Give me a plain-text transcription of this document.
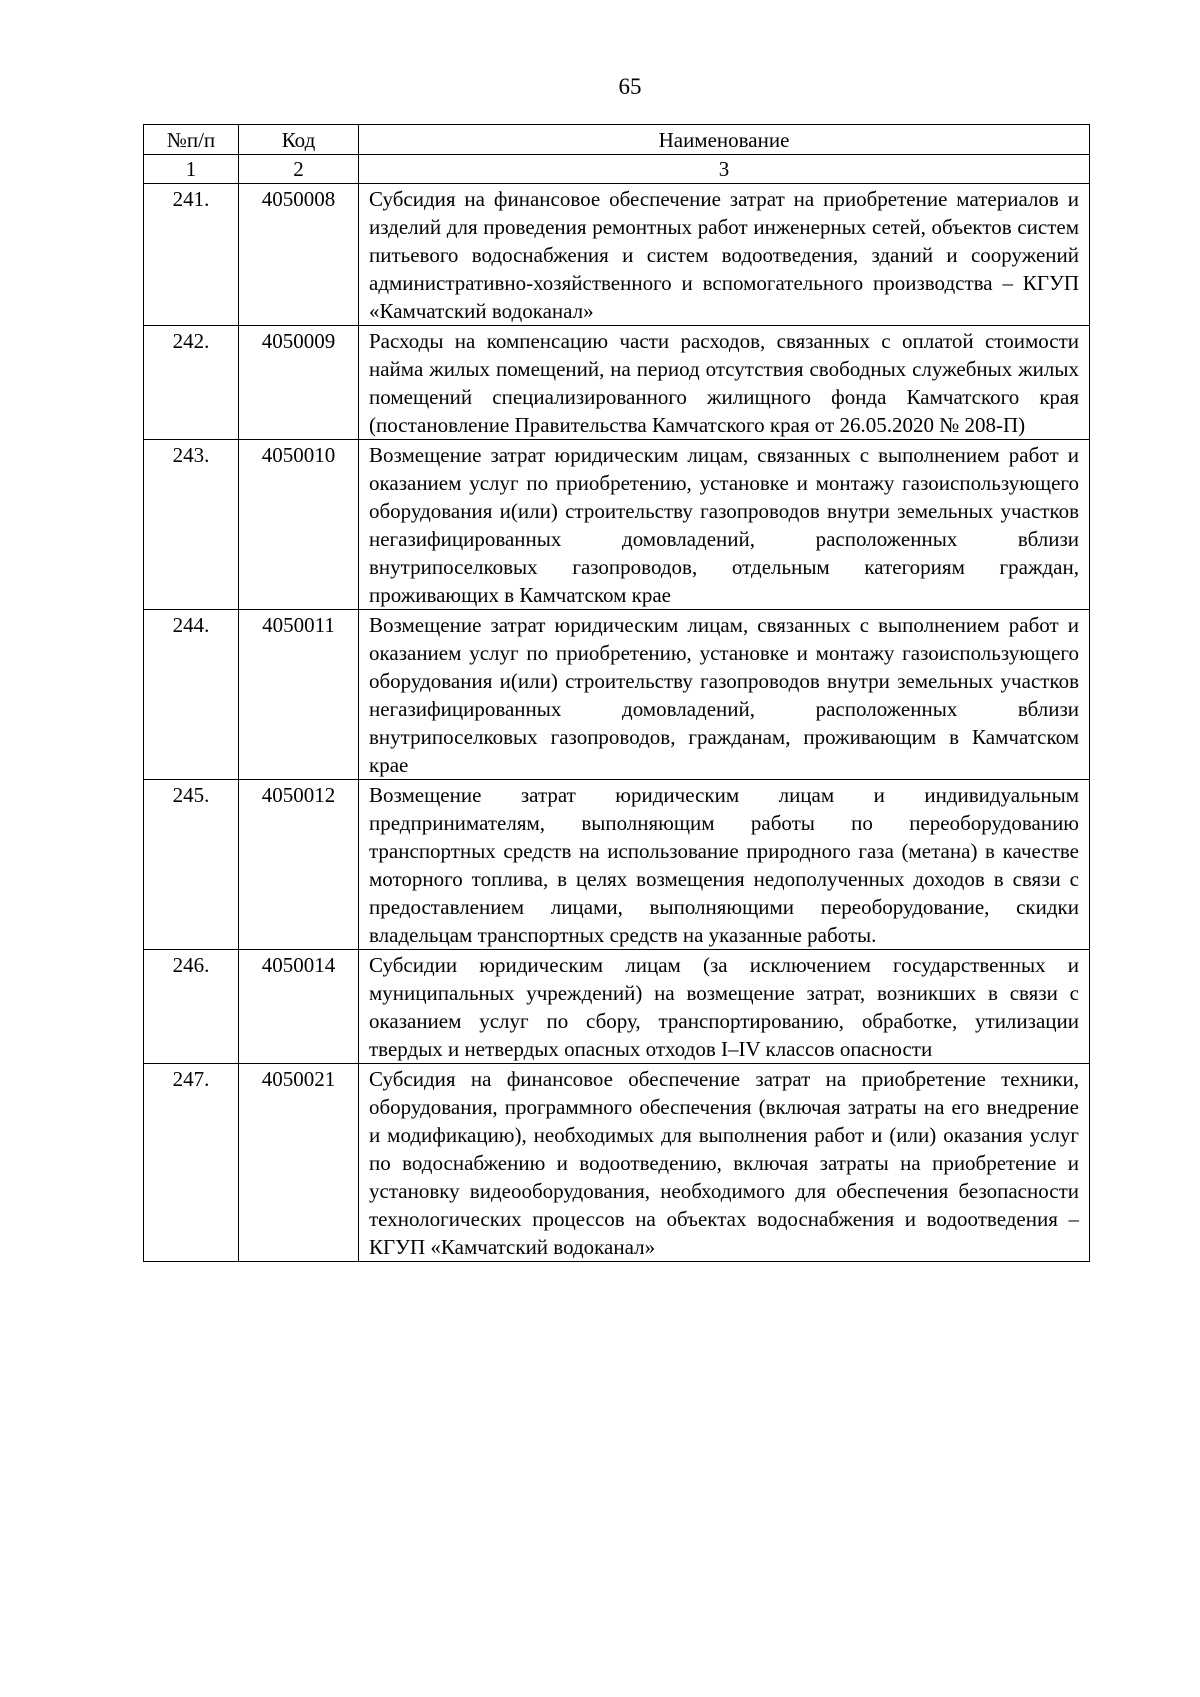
65
№п/п	Код	Наименование
1	2	3
241.	4050008	Субсидия на финансовое обеспечение затрат на приобретение материалов и изделий для проведения ремонтных работ инженерных сетей, объектов систем питьевого водоснабжения и систем водоотведения, зданий и сооружений административно-хозяйственного и вспомогательного производства – КГУП «Камчатский водоканал»
242.	4050009	Расходы на компенсацию части расходов, связанных с оплатой стоимости найма жилых помещений, на период отсутствия свободных служебных жилых помещений специализированного жилищного фонда Камчатского края (постановление Правительства Камчатского края от 26.05.2020 № 208-П)
243.	4050010	Возмещение затрат юридическим лицам, связанных с выполнением работ и оказанием услуг по приобретению, установке и монтажу газоиспользующего оборудования и(или) строительству газопроводов внутри земельных участков негазифицированных домовладений, расположенных вблизи внутрипоселковых газопроводов, отдельным категориям граждан, проживающих в Камчатском крае
244.	4050011	Возмещение затрат юридическим лицам, связанных с выполнением работ и оказанием услуг по приобретению, установке и монтажу газоиспользующего оборудования и(или) строительству газопроводов внутри земельных участков негазифицированных домовладений, расположенных вблизи внутрипоселковых газопроводов, гражданам, проживающим в Камчатском крае
245.	4050012	Возмещение затрат юридическим лицам и индивидуальным предпринимателям, выполняющим работы по переоборудованию транспортных средств на использование природного газа (метана) в качестве моторного топлива, в целях возмещения недополученных доходов в связи с предоставлением лицами, выполняющими переоборудование, скидки владельцам транспортных средств на указанные работы.
246.	4050014	Субсидии юридическим лицам (за исключением государственных и муниципальных учреждений) на возмещение затрат, возникших в связи с оказанием услуг по сбору, транспортированию, обработке, утилизации твердых и нетвердых опасных отходов I–IV классов опасности
247.	4050021	Субсидия на финансовое обеспечение затрат на приобретение техники, оборудования, программного обеспечения (включая затраты на его внедрение и модификацию), необходимых для выполнения работ и (или) оказания услуг по водоснабжению и водоотведению, включая затраты на приобретение и установку видеооборудования, необходимого для обеспечения безопасности технологических процессов на объектах водоснабжения и водоотведения – КГУП «Камчатский водоканал»
